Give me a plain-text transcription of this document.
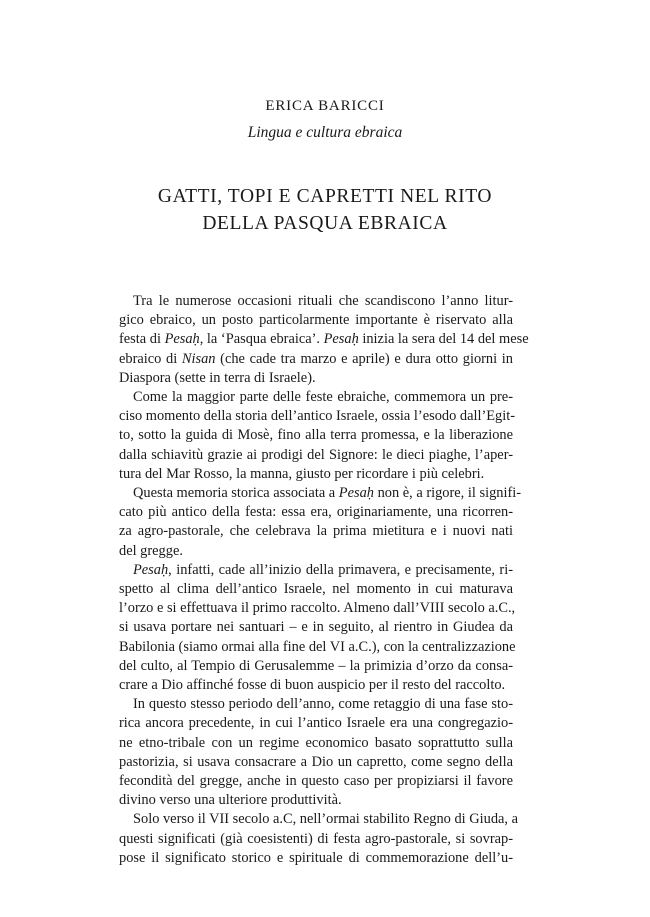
ERICA BARICCI
Lingua e cultura ebraica
GATTI, TOPI E CAPRETTI NEL RITO
DELLA PASQUA EBRAICA

Tra le numerose occasioni rituali che scandiscono l’anno litur-
gico ebraico, un posto particolarmente importante è riservato alla
festa di Pesaḥ, la ‘Pasqua ebraica’. Pesaḥ inizia la sera del 14 del mese
ebraico di Nisan (che cade tra marzo e aprile) e dura otto giorni in
Diaspora (sette in terra di Israele).

Come la maggior parte delle feste ebraiche, commemora un pre-
ciso momento della storia dell’antico Israele, ossia l’esodo dall’Egit-
to, sotto la guida di Mosè, fino alla terra promessa, e la liberazione
dalla schiavitù grazie ai prodigi del Signore: le dieci piaghe, l’aper-
tura del Mar Rosso, la manna, giusto per ricordare i più celebri.

Questa memoria storica associata a Pesaḥ non è, a rigore, il signifi-
cato più antico della festa: essa era, originariamente, una ricorren-
za agro-pastorale, che celebrava la prima mietitura e i nuovi nati
del gregge.

Pesaḥ, infatti, cade all’inizio della primavera, e precisamente, ri-
spetto al clima dell’antico Israele, nel momento in cui maturava
l’orzo e si effettuava il primo raccolto. Almeno dall’VIII secolo a.C.,
si usava portare nei santuari – e in seguito, al rientro in Giudea da
Babilonia (siamo ormai alla fine del VI a.C.), con la centralizzazione
del culto, al Tempio di Gerusalemme – la primizia d’orzo da consa-
crare a Dio affinché fosse di buon auspicio per il resto del raccolto.

In questo stesso periodo dell’anno, come retaggio di una fase sto-
rica ancora precedente, in cui l’antico Israele era una congregazio-
ne etno-tribale con un regime economico basato soprattutto sulla
pastorizia, si usava consacrare a Dio un capretto, come segno della
fecondità del gregge, anche in questo caso per propiziarsi il favore
divino verso una ulteriore produttività.

Solo verso il VII secolo a.C, nell’ormai stabilito Regno di Giuda, a
questi significati (già coesistenti) di festa agro-pastorale, si sovrap-
pose il significato storico e spirituale di commemorazione dell’u-
